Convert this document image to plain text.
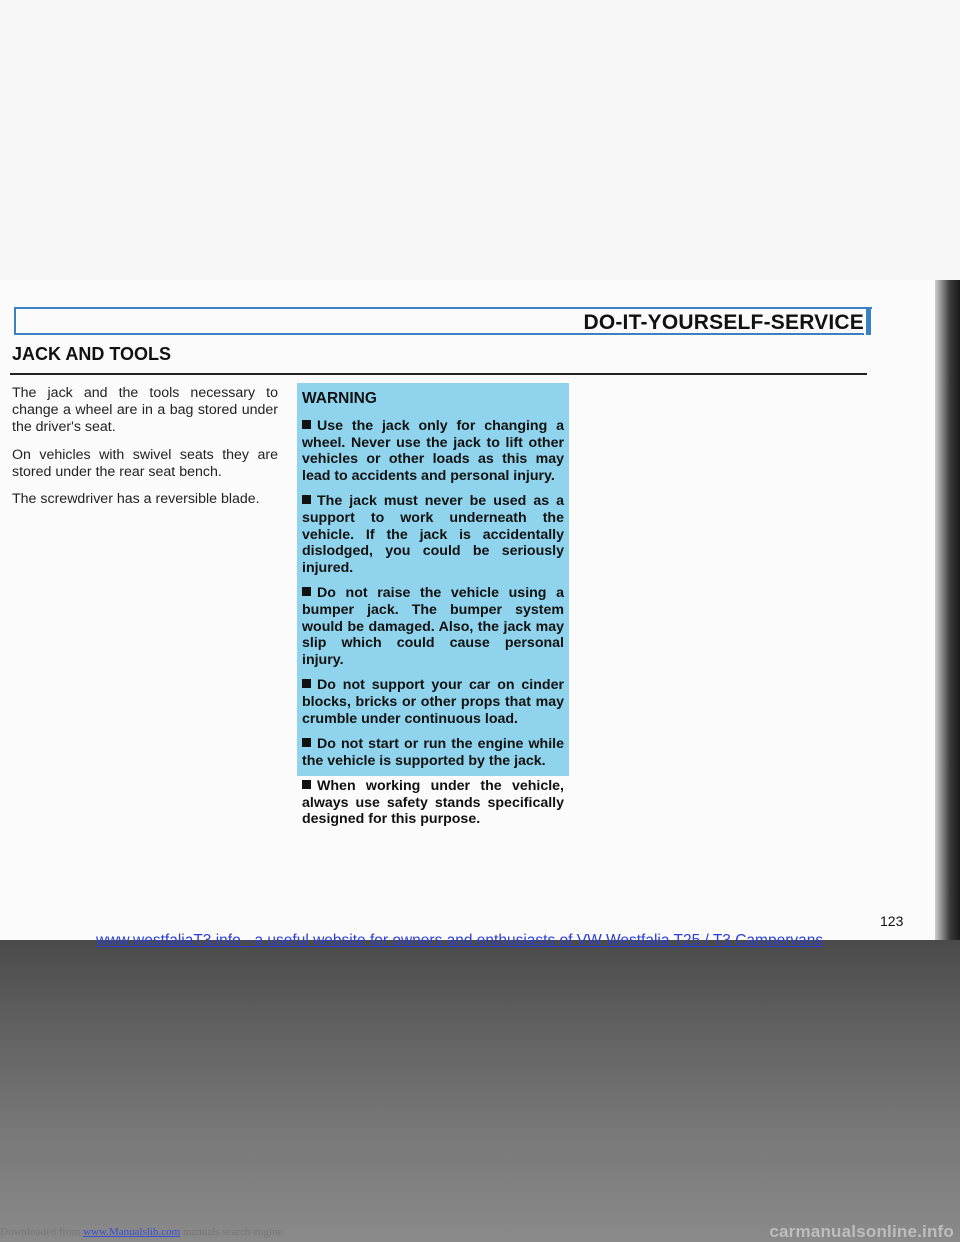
DO-IT-YOURSELF-SERVICE
JACK AND TOOLS

The jack and the tools necessary to change a wheel are in a bag stored under the driver's seat.

On vehicles with swivel seats they are stored under the rear seat bench.

The screwdriver has a reversible blade.

WARNING

Use the jack only for changing a wheel. Never use the jack to lift other vehicles or other loads as this may lead to accidents and personal injury.

The jack must never be used as a support to work underneath the vehicle. If the jack is accidentally dislodged, you could be seriously injured.

Do not raise the vehicle using a bumper jack. The bumper system would be damaged. Also, the jack may slip which could cause personal injury.

Do not support your car on cinder blocks, bricks or other props that may crumble under continuous load.

Do not start or run the engine while the vehicle is supported by the jack.

When working under the vehicle, always use safety stands specifically designed for this purpose.

123
www.westfaliaT3.info - a useful website for owners and enthusiasts of VW Westfalia T25 / T3 Campervans
Downloaded from www.Manualslib.com manuals search engine	carmanualsonline.info
